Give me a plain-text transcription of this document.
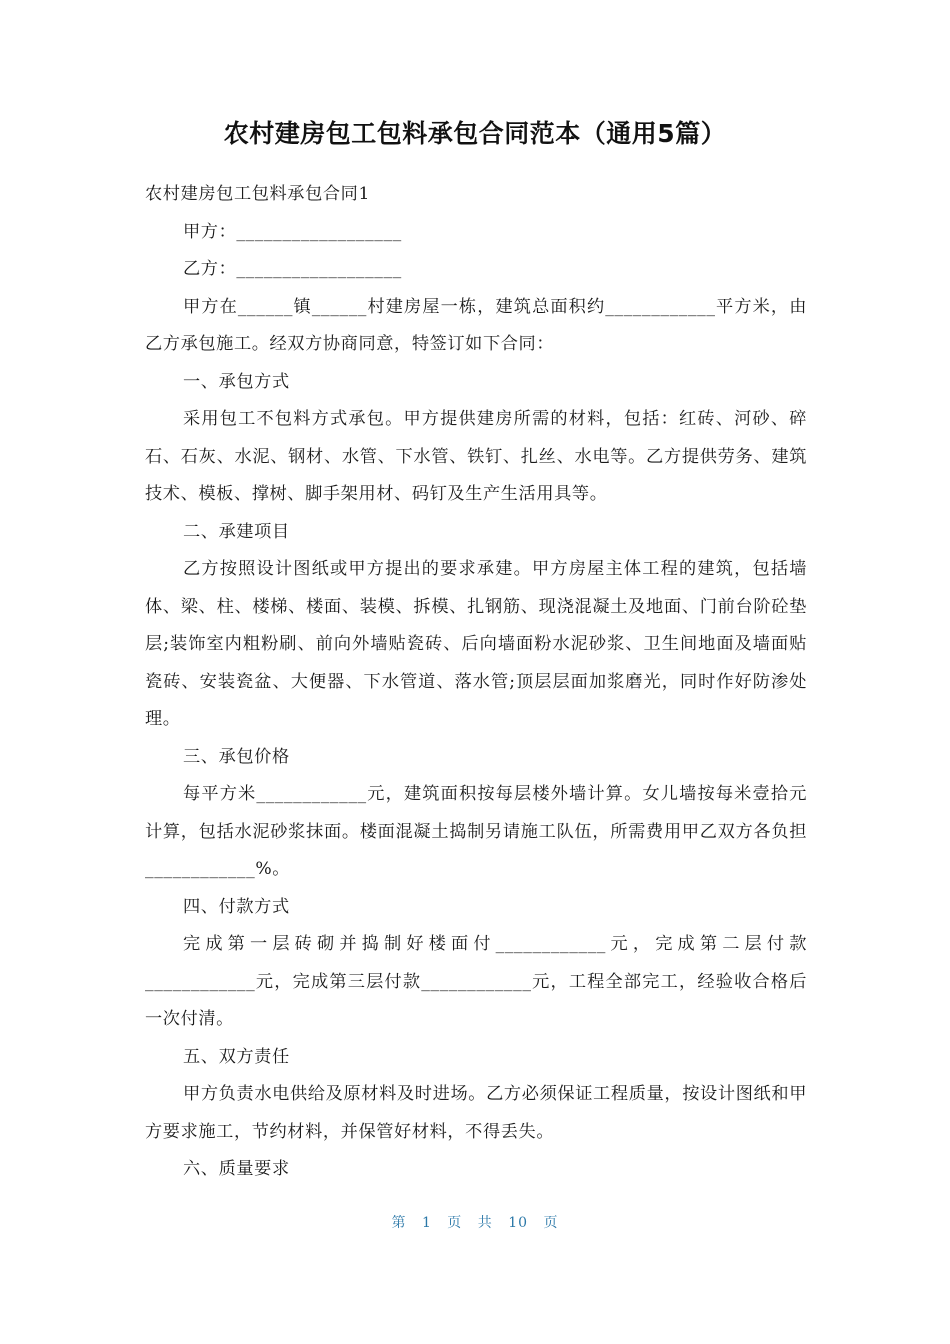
农村建房包工包料承包合同范本（通用5篇）

农村建房包工包料承包合同1

甲方：__________________

乙方：__________________

甲方在______镇______村建房屋一栋，建筑总面积约____________平方米，由乙方承包施工。经双方协商同意，特签订如下合同：

一、承包方式

采用包工不包料方式承包。甲方提供建房所需的材料，包括：红砖、河砂、碎石、石灰、水泥、钢材、水管、下水管、铁钉、扎丝、水电等。乙方提供劳务、建筑技术、模板、撑树、脚手架用材、码钉及生产生活用具等。

二、承建项目

乙方按照设计图纸或甲方提出的要求承建。甲方房屋主体工程的建筑，包括墙体、梁、柱、楼梯、楼面、装模、拆模、扎钢筋、现浇混凝土及地面、门前台阶砼垫层;装饰室内粗粉刷、前向外墙贴瓷砖、后向墙面粉水泥砂浆、卫生间地面及墙面贴瓷砖、安装瓷盆、大便器、下水管道、落水管;顶层层面加浆磨光，同时作好防渗处理。

三、承包价格

每平方米____________元，建筑面积按每层楼外墙计算。女儿墙按每米壹拾元计算，包括水泥砂浆抹面。楼面混凝土捣制另请施工队伍，所需费用甲乙双方各负担____________%。

四、付款方式

完成第一层砖砌并捣制好楼面付____________元，完成第二层付款____________元，完成第三层付款____________元，工程全部完工，经验收合格后一次付清。

五、双方责任

甲方负责水电供给及原材料及时进场。乙方必须保证工程质量，按设计图纸和甲方要求施工，节约材料，并保管好材料，不得丢失。

六、质量要求

第 1 页 共 10 页
